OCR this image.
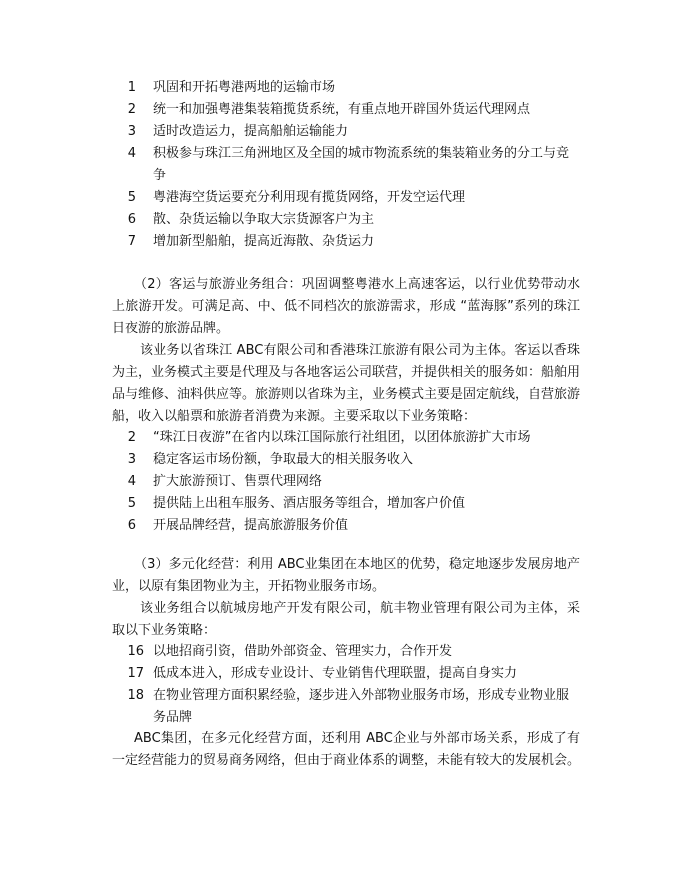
1 巩固和开拓粤港两地的运输市场
2 统一和加强粤港集装箱揽货系统，有重点地开辟国外货运代理网点
3 适时改造运力，提高船舶运输能力
4 积极参与珠江三角洲地区及全国的城市物流系统的集装箱业务的分工与竞
争
5 粤港海空货运要充分利用现有揽货网络，开发空运代理
6 散、杂货运输以争取大宗货源客户为主
7 增加新型船舶，提高近海散、杂货运力

（2）客运与旅游业务组合：巩固调整粤港水上高速客运，以行业优势带动水上旅游开发。可满足高、中、低不同档次的旅游需求，形成 “蓝海豚”系列的珠江日夜游的旅游品牌。

该业务以省珠江 ABC有限公司和香港珠江旅游有限公司为主体。客运以香珠为主，业务模式主要是代理及与各地客运公司联营，并提供相关的服务如：船舶用品与维修、油料供应等。旅游则以省珠为主，业务模式主要是固定航线，自营旅游船，收入以船票和旅游者消费为来源。主要采取以下业务策略：

2 “珠江日夜游”在省内以珠江国际旅行社组团，以团体旅游扩大市场
3 稳定客运市场份额，争取最大的相关服务收入
4 扩大旅游预订、售票代理网络
5 提供陆上出租车服务、酒店服务等组合，增加客户价值
6 开展品牌经营，提高旅游服务价值

（3）多元化经营：利用 ABC业集团在本地区的优势，稳定地逐步发展房地产业，以原有集团物业为主，开拓物业服务市场。

该业务组合以航城房地产开发有限公司，航丰物业管理有限公司为主体，采取以下业务策略：

16 以地招商引资，借助外部资金、管理实力，合作开发
17 低成本进入，形成专业设计、专业销售代理联盟，提高自身实力
18 在物业管理方面积累经验，逐步进入外部物业服务市场，形成专业物业服
务品牌

ABC集团，在多元化经营方面，还利用 ABC企业与外部市场关系，形成了有一定经营能力的贸易商务网络，但由于商业体系的调整，未能有较大的发展机会。
